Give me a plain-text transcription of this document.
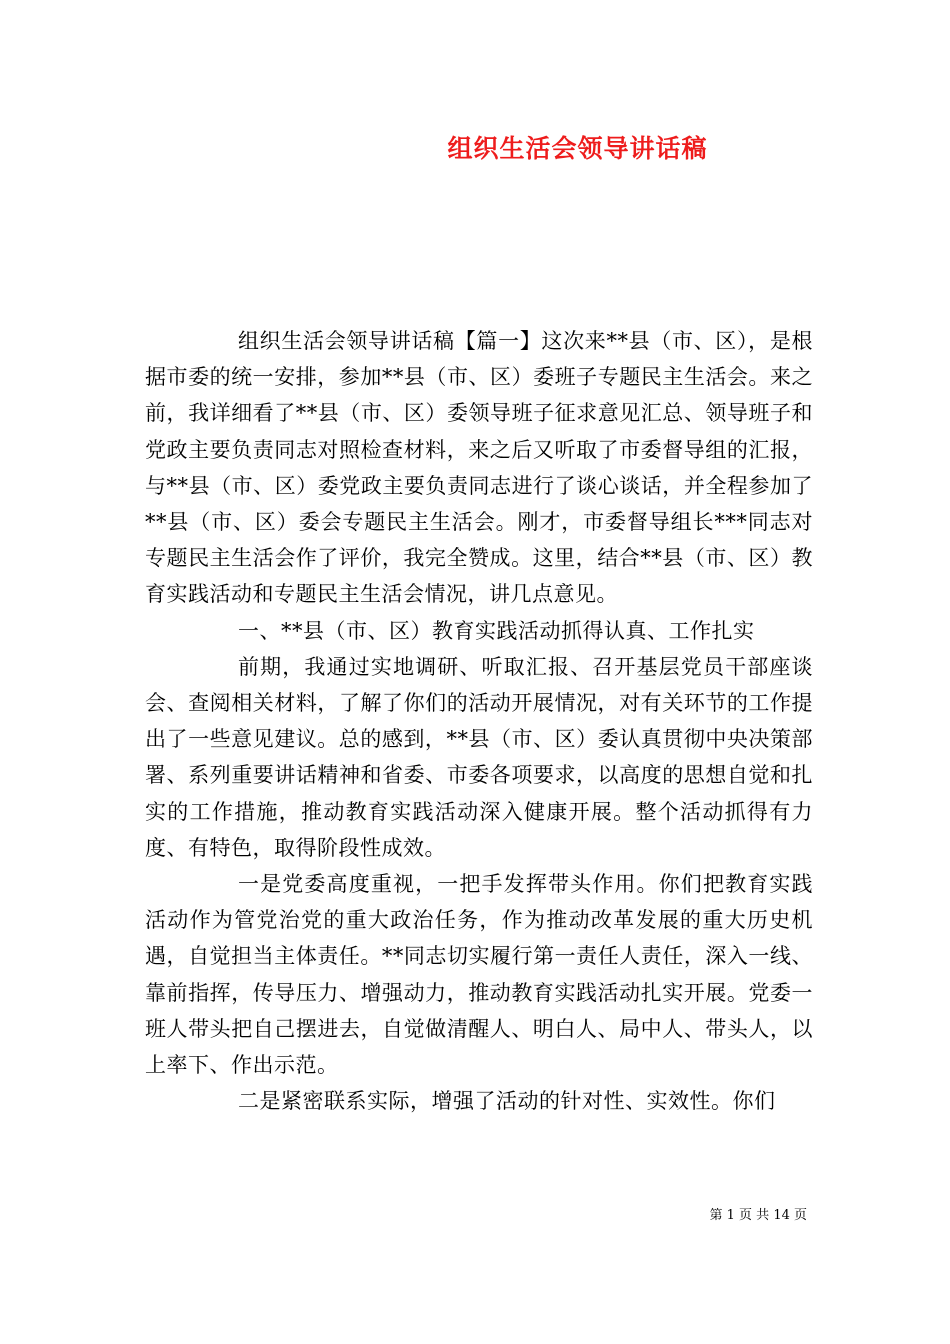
组织生活会领导讲话稿

组织生活会领导讲话稿【篇一】这次来**县（市、区），是根据市委的统一安排，参加**县（市、区）委班子专题民主生活会。来之前，我详细看了**县（市、区）委领导班子征求意见汇总、领导班子和党政主要负责同志对照检查材料，来之后又听取了市委督导组的汇报，与**县（市、区）委党政主要负责同志进行了谈心谈话，并全程参加了**县（市、区）委会专题民主生活会。刚才，市委督导组长***同志对专题民主生活会作了评价，我完全赞成。这里，结合**县（市、区）教育实践活动和专题民主生活会情况，讲几点意见。

一、**县（市、区）教育实践活动抓得认真、工作扎实

前期，我通过实地调研、听取汇报、召开基层党员干部座谈会、查阅相关材料，了解了你们的活动开展情况，对有关环节的工作提出了一些意见建议。总的感到，**县（市、区）委认真贯彻中央决策部署、系列重要讲话精神和省委、市委各项要求，以高度的思想自觉和扎实的工作措施，推动教育实践活动深入健康开展。整个活动抓得有力度、有特色，取得阶段性成效。

一是党委高度重视，一把手发挥带头作用。你们把教育实践活动作为管党治党的重大政治任务，作为推动改革发展的重大历史机遇，自觉担当主体责任。**同志切实履行第一责任人责任，深入一线、靠前指挥，传导压力、增强动力，推动教育实践活动扎实开展。党委一班人带头把自己摆进去，自觉做清醒人、明白人、局中人、带头人，以上率下、作出示范。

二是紧密联系实际，增强了活动的针对性、实效性。你们

第 1 页 共 14 页
